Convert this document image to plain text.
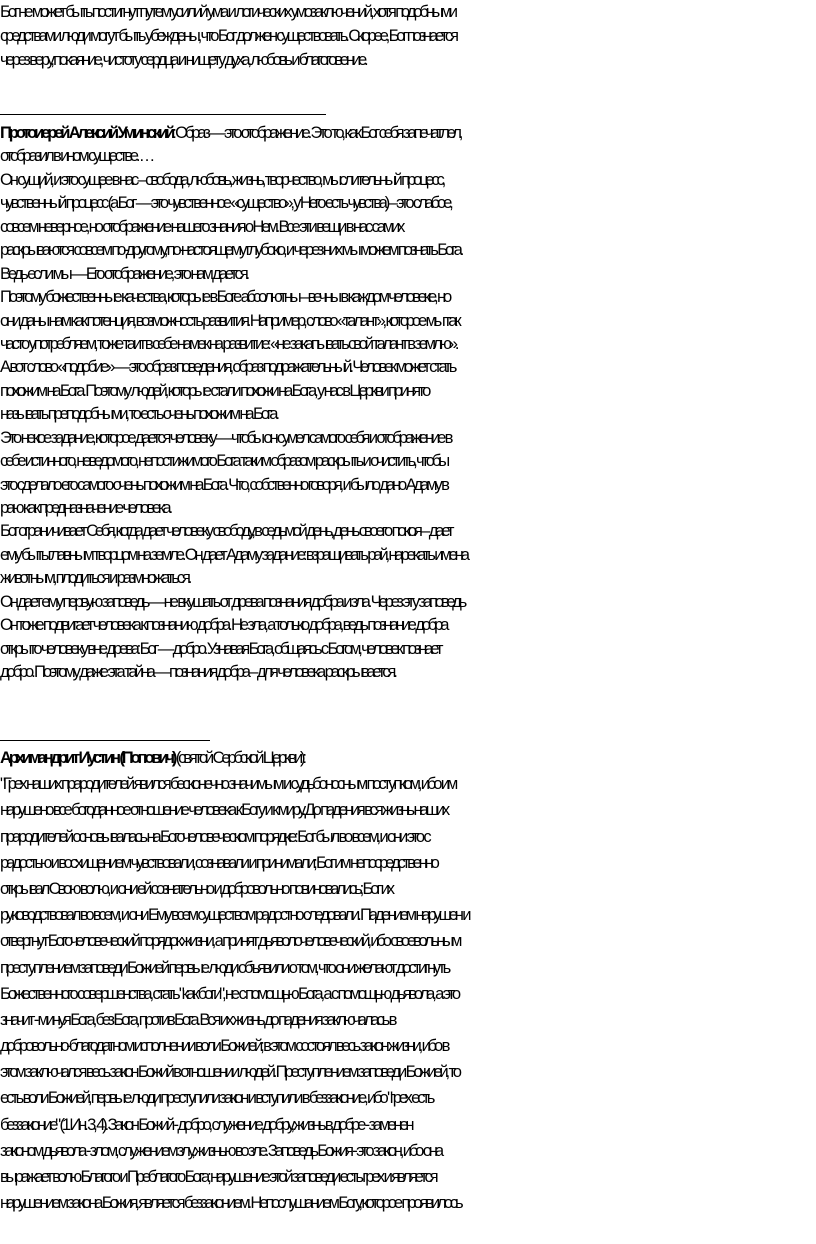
Бог не может быть постигнут путем усилий ума и логических умозаключений, хотя подобными
средствами люди могут быть убеждены, что Бог должен существовать. Скорее, Бог познается
через веру, покаяние, чистоту сердца и нищету духа, любовь и благоговение.
Протоиерей Алексий Уминский: Образ — это отображение. Это то, как Бог себя запечатлел,
отобразил в ином существе. …
Он сущий, и это сущее в нас – свобода, любовь, жизнь, творчество, мыслительный процесс,
чувственный процесс (а Бог — это чувственное «существо», у Него есть чувства) – это слабое,
совсем неверное, но отображение нашего знания о Нем. Все эти вещи в нас самих
раскрываются совсем по-другому, по-настоящему глубоко, и через них мы можем познать Бога.
Ведь если мы — Его отображение, это нам дается.
Поэтому божественные качества, которые в Боге абсолютны – вечны в каждом человеке, но
они даны нам как потенция, возможность развития. Например, слово «талант», которое мы так
часто употребляем, тоже таит в себе намек на развитие: «не закапывать свой талант в землю».
А вот слово «подобие» — это образ поведения, образ подражательный. Человек может стать
похожим на Бога. Поэтому людей, которые стали похожи на Бога, у нас в Церкви принято
называть преподобными, то есть очень похожим на Бога.
Это некое задание, которое дается человеку — чтобы он сумел самого себя и отображение в
себе истинного, неведомого, непостижимого Бога таким образом раскрыть и очистить, чтобы
это сделало его самого очень похожим на Бога. Что, собственно говоря, и было дано Адаму в
раю как предназначение человека.
Бог ограничивает Себя, когда дает человеку свободу, в седьмой день, день своего покоя – дает
ему быть главным творцом на земле. Он дает Адаму задание: взращивать рай, нарекать имена
животным, плодиться и размножаться.
Он дает ему первую заповедь — не вкушать от древа познания добра и зла. Через эту заповедь
Он тоже подвигает человека к познанию добра. Не зла, а только добра, ведь познание добра
открыто человеку вне древа: Бог — добро. Узнавая Бога, общаясь с Богом, человек познает
добро. Поэтому даже эта тайна — познания добра – для человека раскрывается.
Архимандрит Иустин (Попович) (святой Сербской Церкви):
"Грех наших прародителей явился бесконечно значимым и судьбоносным поступком, ибо им
нарушено все богоданное отношение человека к Богу и к миру. До падения вся жизнь наших
прародителей основывалась на Богочеловеческом порядке: Бог был во всем, и они это с
радостью и восхищением чувствовали, сознавали и принимали; Бог им непосредственно
открывал Свою волю, и они ей сознательно и добровольно повиновались; Бог их
руководствовал во всем, и они Ему всем существом радостно следовали. Падением нарушен и
отвергнут Богочеловеческий порядок жизни, а принят дьяволочеловеческий, ибо своевольным
преступлением заповеди Божией первые люди объявили о том, что они желают достигнуть
Божественного совершенства, стать "как боги", не с помощью Бога, а с помощью дьявола, а это
значит - минуя Бога, без Бога, против Бога. Вся их жизнь до падения заключалась в
добровольно-благодатном исполнении воли Божией; в этом состоял весь закон жизни, ибо в
этом заключался весь закон Божий в отношении людей. Преступлением заповеди Божией, то
есть воли Божией, первые люди преступили закон и вступили в беззаконие, ибо "грех есть
беззаконие" (1 Ин. 3, 4). Закон Божий - добро, служение добру, жизнь в добре - заменен
законом дьявола - злом, служением злу, жизнью во зле. Заповедь Божия - это закон, ибо она
выражает волю Благого и Преблагого Бога; нарушение этой заповеди есть грех и является
нарушением закона Божия, является беззаконием. Непослушанием Богу, которое проявилось
